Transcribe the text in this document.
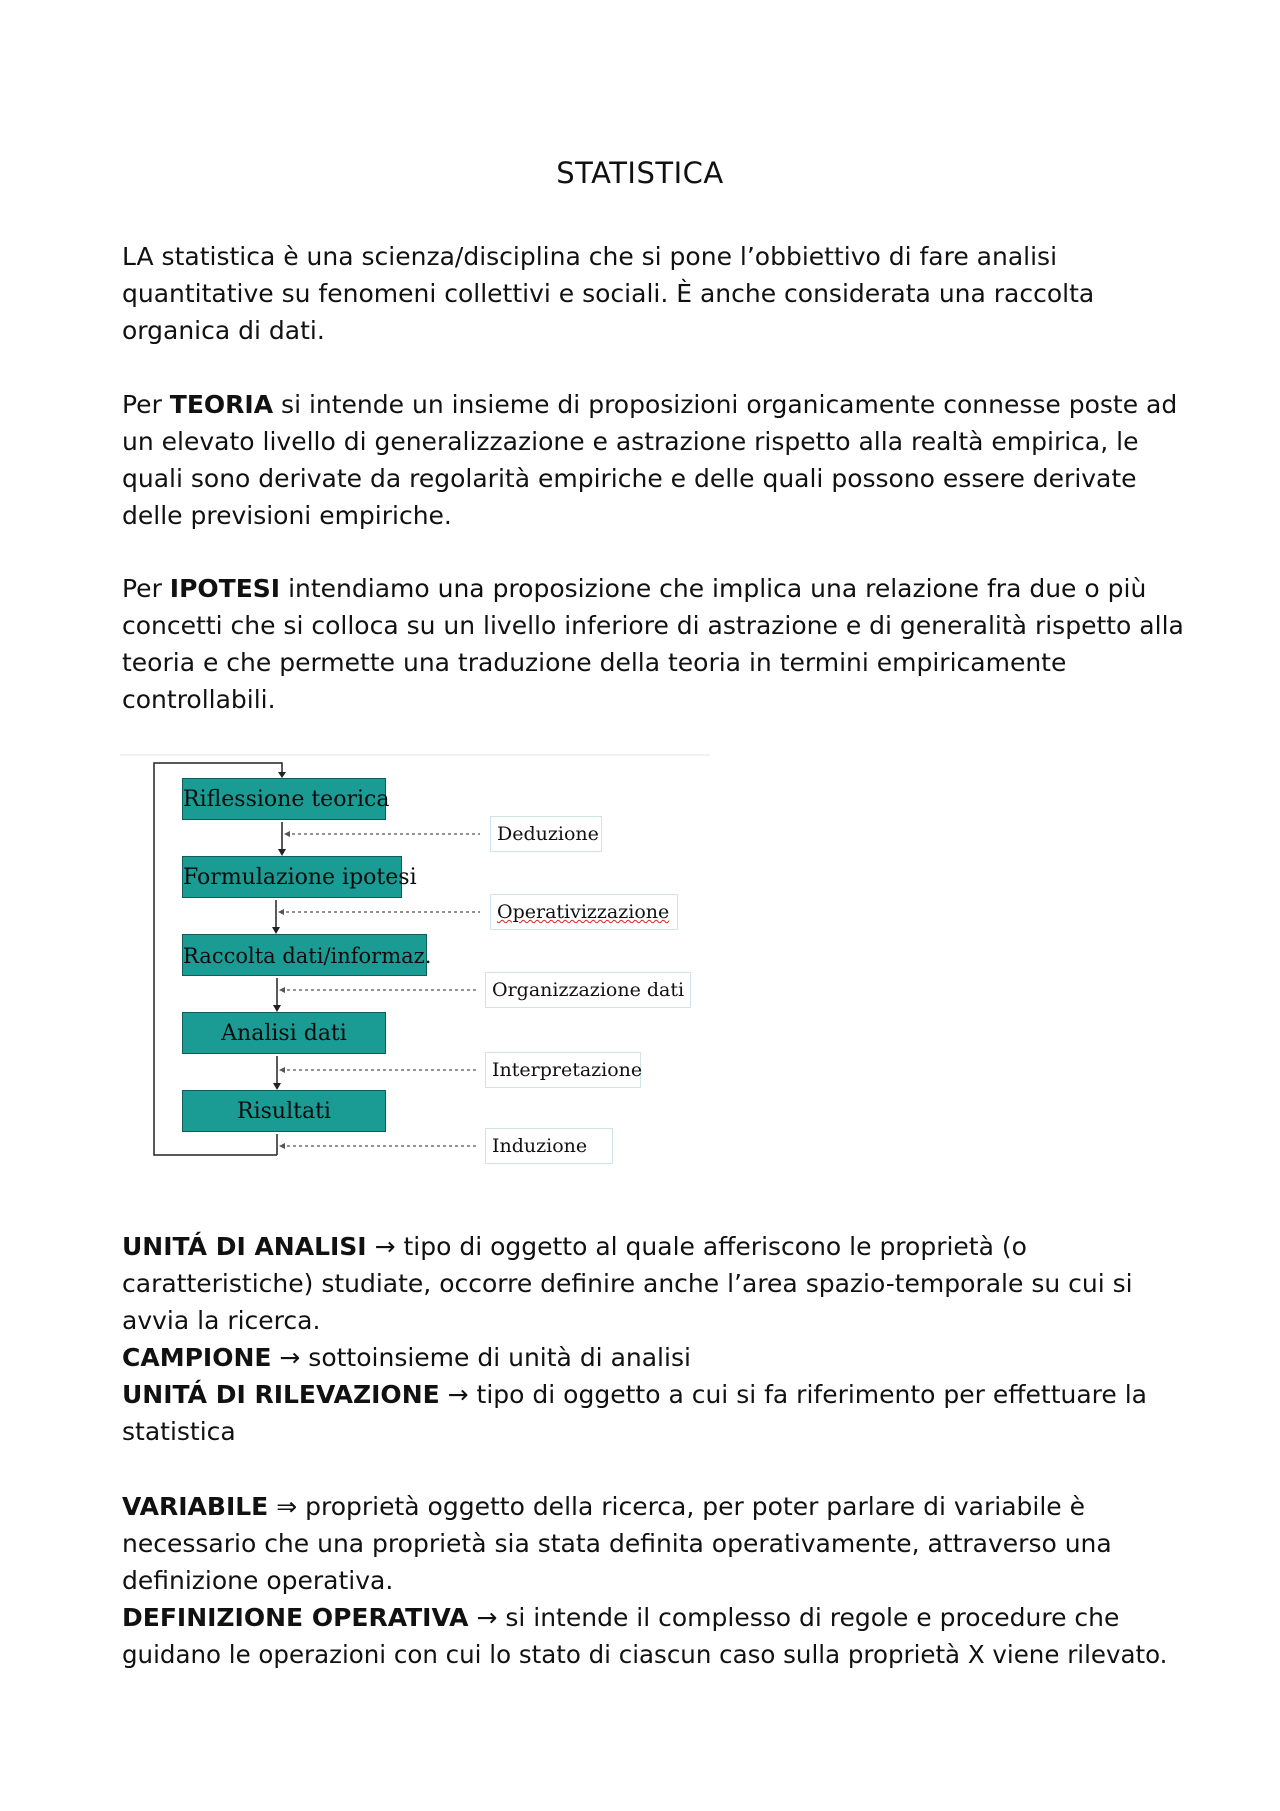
STATISTICA
LA statistica è una scienza/disciplina che si pone l’obbiettivo di fare analisi
quantitative su fenomeni collettivi e sociali. È anche considerata una raccolta
organica di dati.
Per TEORIA si intende un insieme di proposizioni organicamente connesse poste ad
un elevato livello di generalizzazione e astrazione rispetto alla realtà empirica, le
quali sono derivate da regolarità empiriche e delle quali possono essere derivate
delle previsioni empiriche.
Per IPOTESI intendiamo una proposizione che implica una relazione fra due o più
concetti che si colloca su un livello inferiore di astrazione e di generalità rispetto alla
teoria e che permette una traduzione della teoria in termini empiricamente
controllabili.
Riflessione teorica
Formulazione ipotesi
Raccolta dati/informaz.
Analisi dati
Risultati
Deduzione
Operativizzazione
Organizzazione dati
Interpretazione
Induzione
UNITÁ DI ANALISI → tipo di oggetto al quale afferiscono le proprietà (o
caratteristiche) studiate, occorre definire anche l’area spazio-temporale su cui si
avvia la ricerca.
CAMPIONE → sottoinsieme di unità di analisi
UNITÁ DI RILEVAZIONE → tipo di oggetto a cui si fa riferimento per effettuare la
statistica
VARIABILE ⇒ proprietà oggetto della ricerca, per poter parlare di variabile è
necessario che una proprietà sia stata definita operativamente, attraverso una
definizione operativa.
DEFINIZIONE OPERATIVA → si intende il complesso di regole e procedure che
guidano le operazioni con cui lo stato di ciascun caso sulla proprietà X viene rilevato.
